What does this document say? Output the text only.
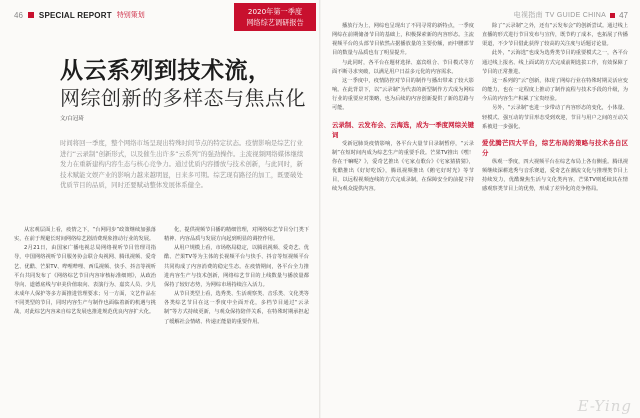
46 SPECIAL REPORT 特别策划	2020年第一季度
网络综艺调研报告
电视指南 TV GUIDE CHINA 47
从云系列到技术流，
网综创新的多样态与焦点化
文/白冠琦

时间将回一季度，整个网络市场呈现出特殊时间节点的特定状态。疫情影响是综艺行业进行“云录制”创新形式，以及催生出许多“云系列”的强劲操作。主流视频网络媒体继续发力在重新建构内容生态与核心竞争力。通过优质内容播放与技术创新，与此同时，新技术赋能文娱产业的影响力越来越明显，日来多可期。综艺现有路径的加工，既要破处优质节目的品质，同时还要赋动整体发展体系健全。

从宏观层面上看，疫情之下，“台网同步”政策继续加强落实，在前于规避长时间网络综艺剧消费现象推动行业的发展。

2月21日，由国家广播电视总局网络视听节目管理司指导，中国网络视听节目服务协会联合央视网、腾讯视频、爱奇艺、优酷、芒果TV、哔哩哔哩、西瓜视频、快手、抖音等视听平台共同发布了《网络综艺节目内容审核标准细则》，从政治导向、道德底线与审美价值取向、表演行为、嘉宾人员、少儿未成年人保护等多方面推进管理要求；另一方面，文艺作品在不同类型的节目，同时内容生产与制作也面临着新的机遇与挑战，对此综艺内容来自综艺发展也推进规范优良内容扩大化。

化，提供视频节目播的精细管理，对网络综艺节目分门类下精神、内容品质与发展方向起到明显的调控作用。

从用户规模上看，市场格局稳定，以腾讯视频、爱奇艺、优酷、芒果TV等为主体的长视频平台与快手、抖音等短视频平台共同构成了内容消费的稳定生态。在疫情期间，各平台全力推进内容生产与技术创新，网络综艺节目的上线数量与播放量都保持了较好态势，为网综市场持续注入活力。

从节目类型上看，选秀类、生活观察类、音乐类、文化类等各类综艺节目在这一季度中全面开花，多档节目通过“云录制”等方式持续更新，与观众保持陪伴关系，在特殊时期承担起了缓解社会情绪、传递正能量的重要作用。

播放行为上，网综也呈现出了不同寻常的新特点，一季度网综在前期储备节目的基础上，积极探索新的内容形态。主流视频平台的头部节目依然占据播放量的主要份额，而中腰部节目的数量与品质也有了明显提升。

与此同时，各平台在题材选择、嘉宾组合、节目模式等方面不断寻求突破，以满足用户日益多元化的内容需求。

这一季度中，疫情防控对节目的制作与播出带来了较大影响。在此背景下，以“云录制”为代表的新型制作方式成为网综行业的重要应对策略，也为后续的内容创新提供了新的思路与可能。

云录制、云发布会、云海选，成为一季度网综关键词

受新冠肺炎疫情影响，各平台大量节目录制暂停，“云录制”在短时间内成为综艺生产的重要手段。芒果TV推出《嘿！你在干嘛呢？》，爱奇艺推出《宅家点歌台》《宅家猜猜猜》，优酷推出《好好吃饭》，腾讯视频推出《鹅宅好时光》等节目，以远程视频连线的方式完成录制，在保障安全的前提下持续为观众提供内容。

除了“云录制”之外，还有“云发布会”的创新尝试。通过线上直播的形式进行节目发布与宣传，既节约了成本，也拓展了传播渠道，不少节目借此获得了较高的关注度与话题讨论量。

此外，“云海选”也成为选秀类节目的重要模式之一，各平台通过线上报名、线上面试的方式完成前期选拔工作，有效保障了节目的正常推进。

这一系列的“云”创新，体现了网综行业在特殊时期灵活应变的能力，也在一定程度上推动了制作流程与技术手段的升级，为今后的内容生产积累了宝贵经验。

另外，“云录制”也进一步带动了内容形态的变化，小体量、轻模式、强互动的节目形态受到欢迎，节目与用户之间的互动关系被进一步强化。

爱优腾芒四大平台，综艺布局的策略与技术各自区分

纵观一季度，四大视频平台在综艺布局上各有侧重。腾讯视频继续深耕选秀与音乐赛道，爱奇艺在潮流文化与推理类节目上持续发力，优酷聚焦生活与文化类内容，芒果TV则延续其在情感观察类节目上的优势，形成了差异化的竞争格局。

E-Ying
